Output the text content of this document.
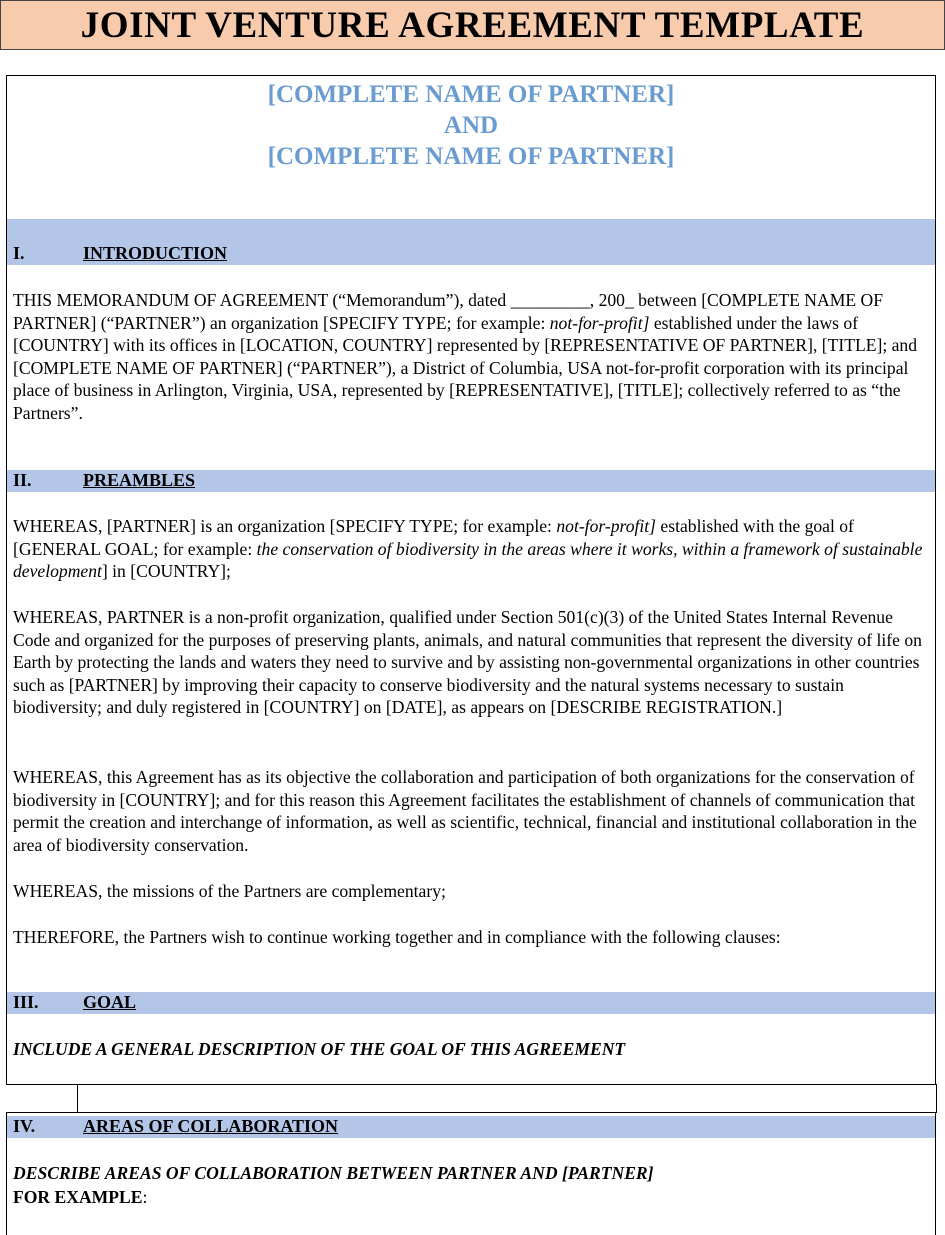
JOINT VENTURE AGREEMENT TEMPLATE
[COMPLETE NAME OF PARTNER]
AND
[COMPLETE NAME OF PARTNER]
I.	INTRODUCTION
THIS MEMORANDUM OF AGREEMENT (“Memorandum”), dated _________, 200_ between [COMPLETE NAME OF PARTNER] (“PARTNER”) an organization [SPECIFY TYPE; for example: not-for-profit] established under the laws of [COUNTRY] with its offices in [LOCATION, COUNTRY] represented by [REPRESENTATIVE OF PARTNER], [TITLE]; and [COMPLETE NAME OF PARTNER] (“PARTNER”), a District of Columbia, USA not-for-profit corporation with its principal place of business in Arlington, Virginia, USA, represented by [REPRESENTATIVE], [TITLE]; collectively referred to as “the Partners”.
II.	PREAMBLES
WHEREAS, [PARTNER] is an organization [SPECIFY TYPE; for example: not-for-profit] established with the goal of [GENERAL GOAL; for example: the conservation of biodiversity in the areas where it works, within a framework of sustainable development] in [COUNTRY];
WHEREAS, PARTNER is a non-profit organization, qualified under Section 501(c)(3) of the United States Internal Revenue Code and organized for the purposes of preserving plants, animals, and natural communities that represent the diversity of life on Earth by protecting the lands and waters they need to survive and by assisting non-governmental organizations in other countries such as [PARTNER] by improving their capacity to conserve biodiversity and the natural systems necessary to sustain biodiversity; and duly registered in [COUNTRY] on [DATE], as appears on [DESCRIBE REGISTRATION.]
WHEREAS, this Agreement has as its objective the collaboration and participation of both organizations for the conservation of biodiversity in [COUNTRY]; and for this reason this Agreement facilitates the establishment of channels of communication that permit the creation and interchange of information, as well as scientific, technical, financial and institutional collaboration in the area of biodiversity conservation.
WHEREAS, the missions of the Partners are complementary;
THEREFORE, the Partners wish to continue working together and in compliance with the following clauses:
III. GOAL
INCLUDE A GENERAL DESCRIPTION OF THE GOAL OF THIS AGREEMENT
IV.	AREAS OF COLLABORATION
DESCRIBE AREAS OF COLLABORATION BETWEEN PARTNER AND [PARTNER]
FOR EXAMPLE:
